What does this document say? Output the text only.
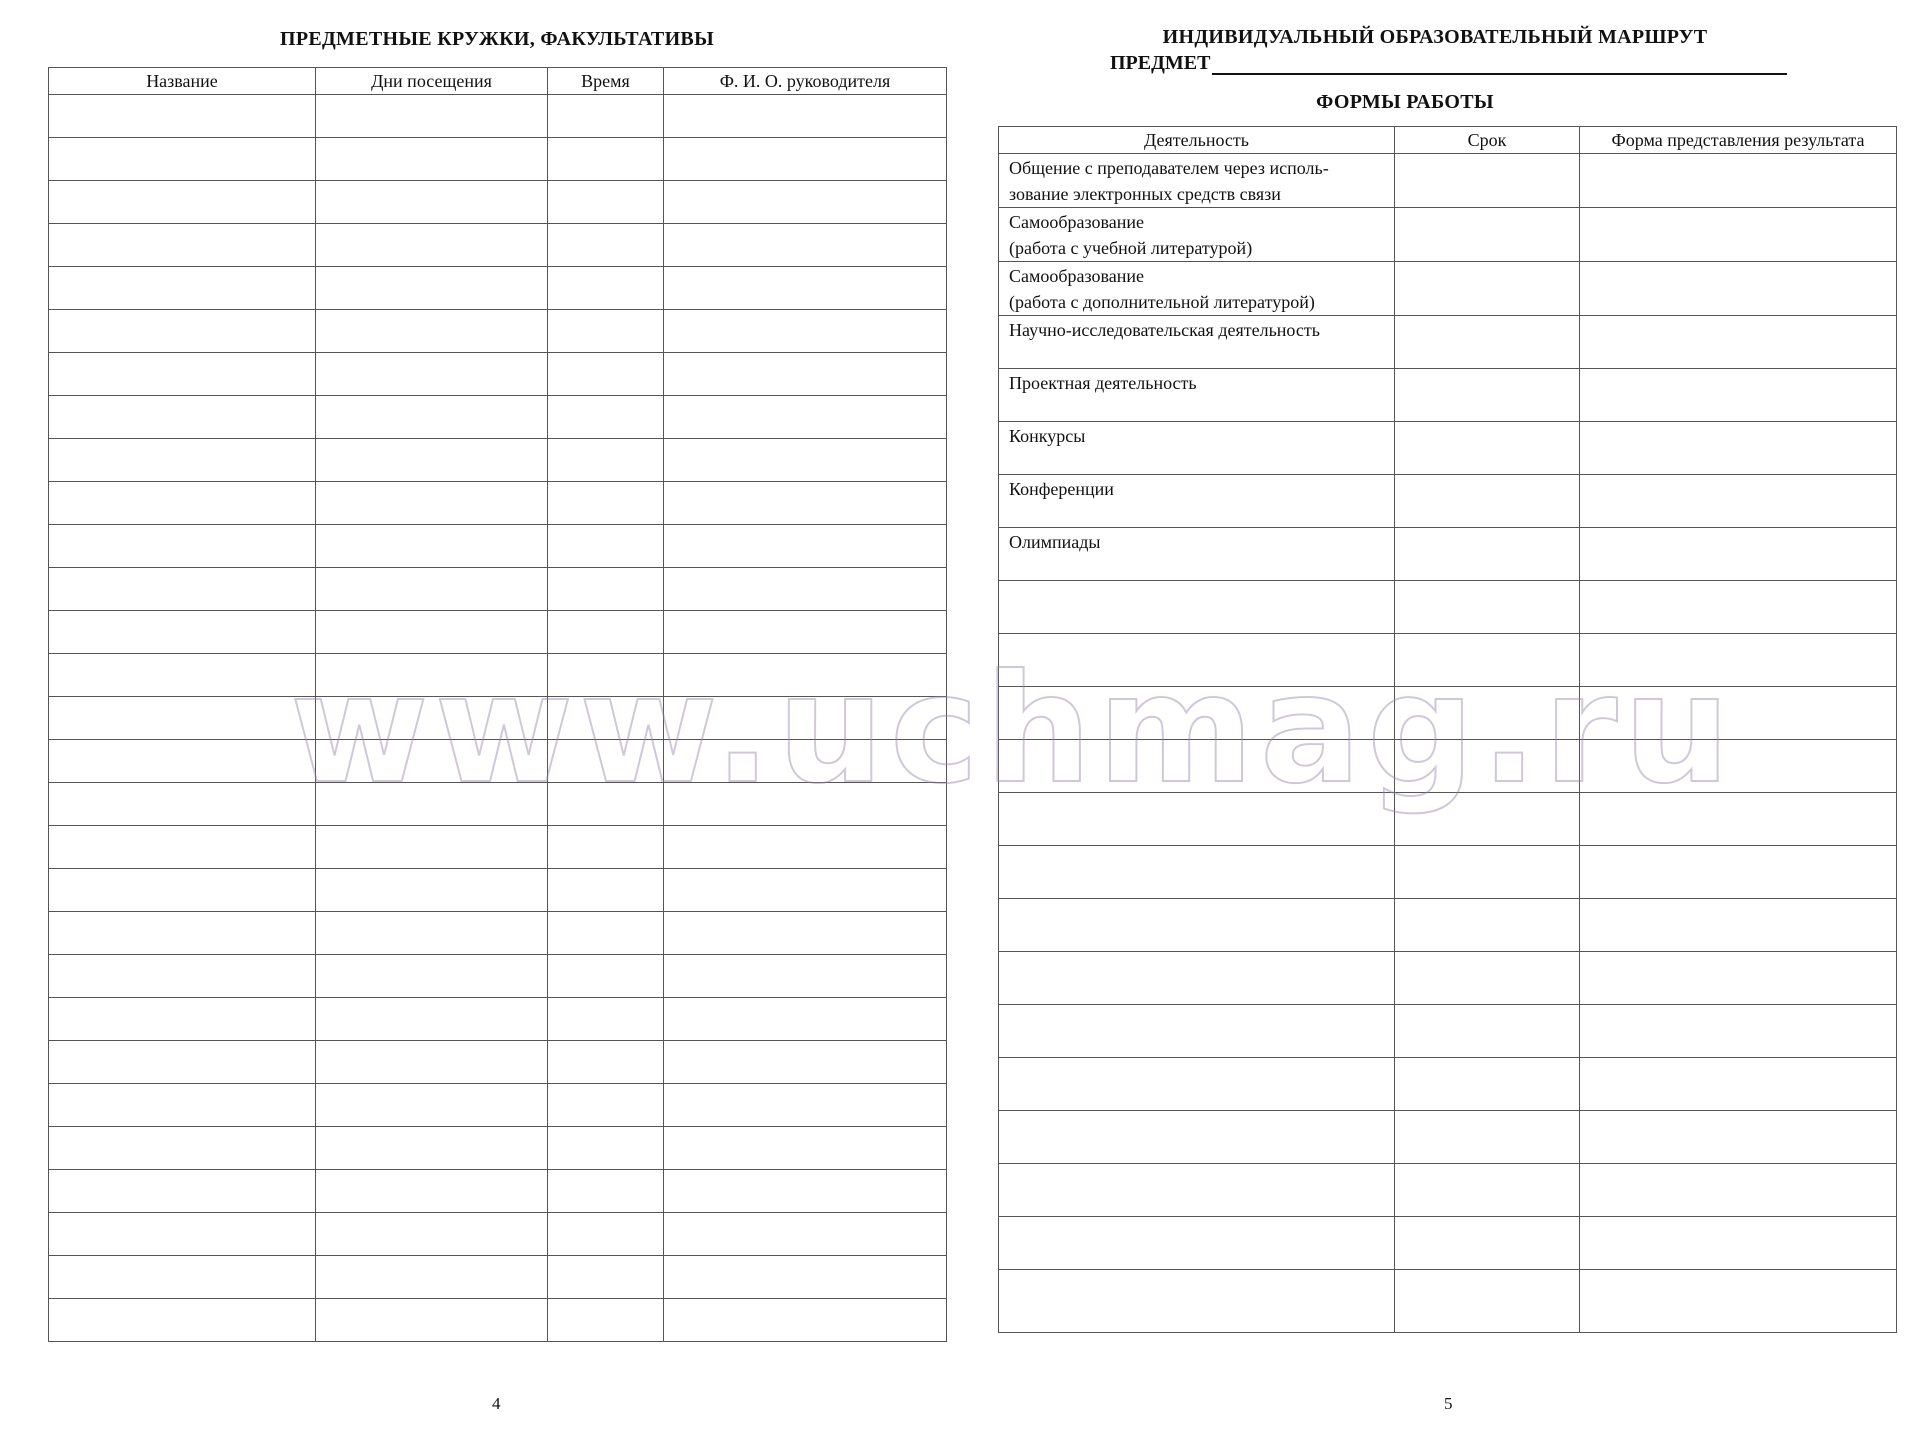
ПРЕДМЕТНЫЕ КРУЖКИ, ФАКУЛЬТАТИВЫ
Название	Дни посещения	Время	Ф. И. О. руководителя

4
ИНДИВИДУАЛЬНЫЙ ОБРАЗОВАТЕЛЬНЫЙ МАРШРУТ
ПРЕДМЕТ
ФОРМЫ РАБОТЫ
Деятельность	Срок	Форма представления результата
Общение с преподавателем через исполь-
зование электронных средств связи		
Самообразование
(работа с учебной литературой)		
Самообразование
(работа с дополнительной литературой)		
Научно-исследовательская деятельность		
Проектная деятельность		
Конкурсы		
Конференции		
Олимпиады		

5
www.uchmag.ru
